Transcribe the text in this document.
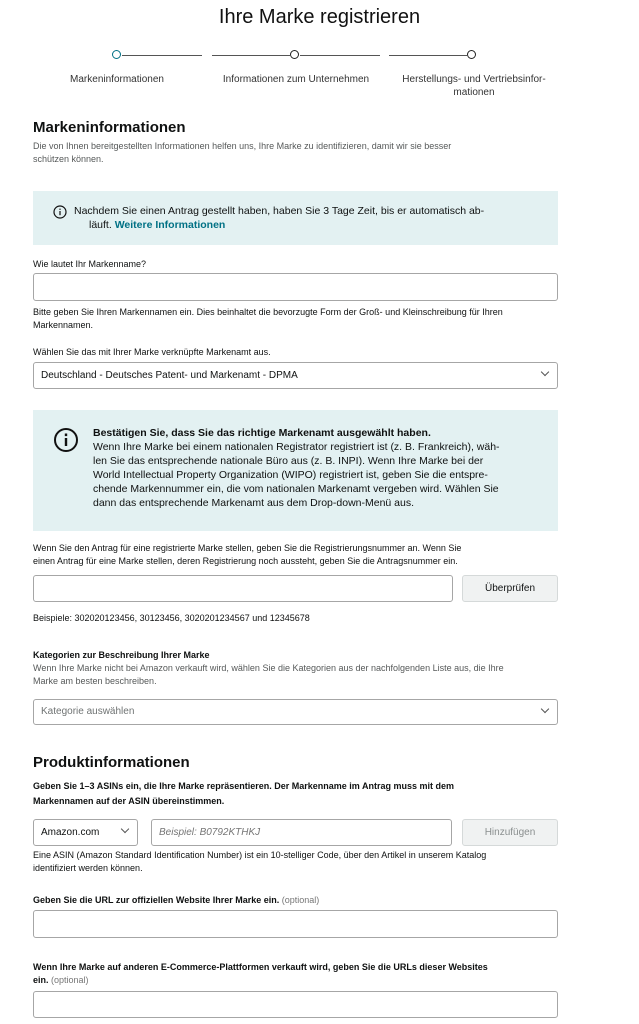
Ihre Marke registrieren
Markeninformationen	Informationen zum Unternehmen	Herstellungs- und Vertriebsinfor-
mationen
Markeninformationen
Die von Ihnen bereitgestellten Informationen helfen uns, Ihre Marke zu identifizieren, damit wir sie besser
schützen können.
Nachdem Sie einen Antrag gestellt haben, haben Sie 3 Tage Zeit, bis er automatisch ab-
läuft. Weitere Informationen
Wie lautet Ihr Markenname?
Bitte geben Sie Ihren Markennamen ein. Dies beinhaltet die bevorzugte Form der Groß- und Kleinschreibung für Ihren
Markennamen.
Wählen Sie das mit Ihrer Marke verknüpfte Markenamt aus.
Deutschland - Deutsches Patent- und Markenamt - DPMA
Bestätigen Sie, dass Sie das richtige Markenamt ausgewählt haben.
Wenn Ihre Marke bei einem nationalen Registrator registriert ist (z. B. Frankreich), wäh-
len Sie das entsprechende nationale Büro aus (z. B. INPI). Wenn Ihre Marke bei der
World Intellectual Property Organization (WIPO) registriert ist, geben Sie die entspre-
chende Markennummer ein, die vom nationalen Markenamt vergeben wird. Wählen Sie
dann das entsprechende Markenamt aus dem Drop-down-Menü aus.
Wenn Sie den Antrag für eine registrierte Marke stellen, geben Sie die Registrierungsnummer an. Wenn Sie
einen Antrag für eine Marke stellen, deren Registrierung noch aussteht, geben Sie die Antragsnummer ein.
Überprüfen
Beispiele: 302020123456, 30123456, 3020201234567 und 12345678
Kategorien zur Beschreibung Ihrer Marke
Wenn Ihre Marke nicht bei Amazon verkauft wird, wählen Sie die Kategorien aus der nachfolgenden Liste aus, die Ihre
Marke am besten beschreiben.
Kategorie auswählen
Produktinformationen
Geben Sie 1–3 ASINs ein, die Ihre Marke repräsentieren. Der Markenname im Antrag muss mit dem
Markennamen auf der ASIN übereinstimmen.
Amazon.com
Beispiel: B0792KTHKJ	Hinzufügen
Eine ASIN (Amazon Standard Identification Number) ist ein 10-stelliger Code, über den Artikel in unserem Katalog
identifiziert werden können.
Geben Sie die URL zur offiziellen Website Ihrer Marke ein. (optional)
Wenn Ihre Marke auf anderen E-Commerce-Plattformen verkauft wird, geben Sie die URLs dieser Websites
ein. (optional)
